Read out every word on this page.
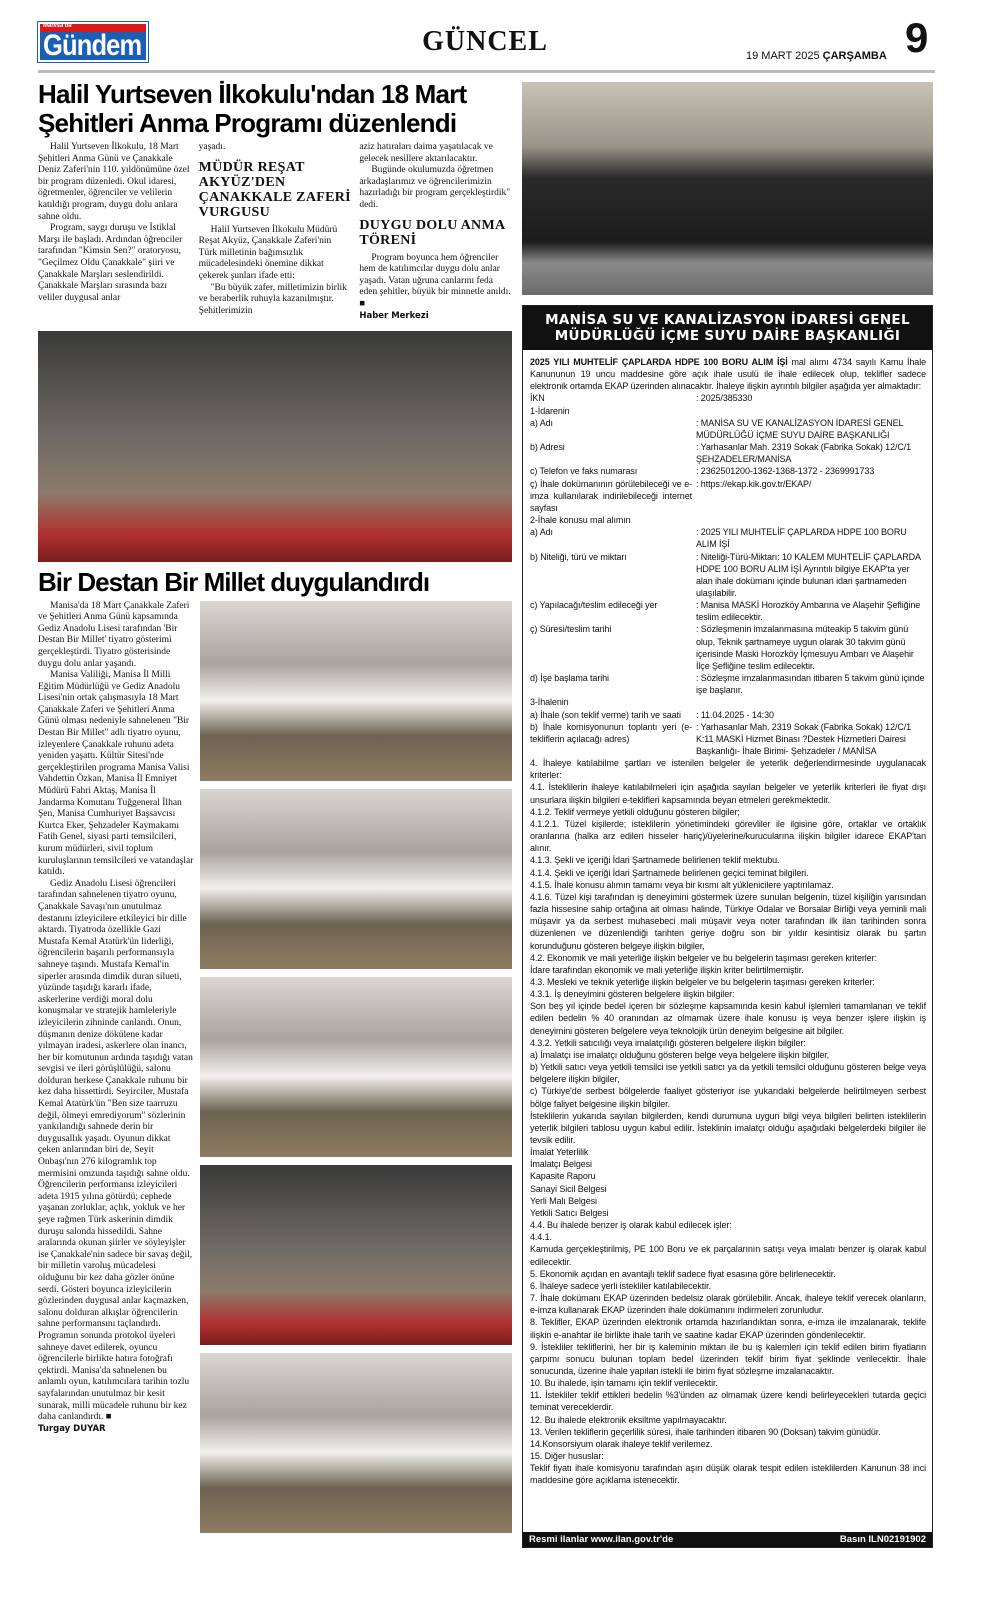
Manisa'da
Gündem	GÜNCEL	19 MART 2025 ÇARŞAMBA 9
Halil Yurtseven İlkokulu'ndan 18 Mart Şehitleri Anma Programı düzenlendi

Halil Yurtseven İlkokulu, 18 Mart Şehitleri Anma Günü ve Çanakkale Deniz Zaferi'nin 110. yıldönümüne özel bir program düzenledi. Okul idaresi, öğretmenler, öğrenciler ve velilerin katıldığı program, duygu dolu anlara sahne oldu.

Program, saygı duruşu ve İstiklal Marşı ile başladı. Ardından öğrenciler tarafından "Kimsin Sen?" oratoryosu, "Geçilmez Oldu Çanakkale" şiiri ve Çanakkale Marşları seslendirildi. Çanakkale Marşları sırasında bazı veliler duygusal anlar

yaşadı.

MÜDÜR REŞAT AKYÜZ'DEN ÇANAKKALE ZAFERİ VURGUSU

Halil Yurtseven İlkokulu Müdürü Reşat Akyüz, Çanakkale Zaferi'nin Türk milletinin bağımsızlık mücadelesindeki önemine dikkat çekerek şunları ifade etti:

"Bu büyük zafer, milletimizin birlik ve beraberlik ruhuyla kazanılmıştır. Şehitlerimizin

aziz hatıraları daima yaşatılacak ve gelecek nesillere aktarılacaktır.

Bugünde okulumuzda öğretmen arkadaşlarımız ve öğrencilerimizin hazırladığı bir program gerçekleştirdik" dedi.

DUYGU DOLU ANMA TÖRENİ

Program boyunca hem öğrenciler hem de katılımcılar duygu dolu anlar yaşadı. Vatan uğruna canlarını feda eden şehitler, büyük bir minnetle anıldı. ■

Haber Merkezi
Bir Destan Bir Millet duygulandırdı

Manisa'da 18 Mart Çanakkale Zaferi ve Şehitleri Anma Günü kapsamında Gediz Anadolu Lisesi tarafından 'Bir Destan Bir Millet' tiyatro gösterimi gerçekleştirdi. Tiyatro gösterisinde duygu dolu anlar yaşandı.

Manisa Valiliği, Manisa İl Milli Eğitim Müdürlüğü ve Gediz Anadolu Lisesi'nin ortak çalışmasıyla 18 Mart Çanakkale Zaferi ve Şehitleri Anma Günü olması nedeniyle sahnelenen "Bir Destan Bir Millet" adlı tiyatro oyunu, izleyenlere Çanakkale ruhunu adeta yeniden yaşattı. Kültür Sitesi'nde gerçekleştirilen programa Manisa Valisi Vahdettin Özkan, Manisa İl Emniyet Müdürü Fahri Aktaş, Manisa İl Jandarma Komutanı Tuğgeneral İlhan Şen, Manisa Cumhuriyet Başsavcısı Kurtca Eker, Şehzadeler Kaymakamı Fatih Genel, siyasi parti temsilcileri, kurum müdürleri, sivil toplum kuruluşlarının temsilcileri ve vatandaşlar katıldı.

Gediz Anadolu Lisesi öğrencileri tarafından sahnelenen tiyatro oyunu, Çanakkale Savaşı'nın unutulmaz destanını izleyicilere etkileyici bir dille aktardı. Tiyatroda özellikle Gazi Mustafa Kemal Atatürk'ün liderliği, öğrencilerin başarılı performansıyla sahneye taşındı. Mustafa Kemal'in siperler arasında dimdik duran silueti, yüzünde taşıdığı kararlı ifade, askerlerine verdiği moral dolu konuşmalar ve stratejik hamleleriyle izleyicilerin zihninde canlandı. Onun, düşmanın denize dökülene kadar yılmayan iradesi, askerlere olan inancı, her bir komutunun ardında taşıdığı vatan sevgisi ve ileri görüşlülüğü, salonu dolduran herkese Çanakkale ruhunu bir kez daha hissettirdi. Seyirciler, Mustafa Kemal Atatürk'ün "Ben size taarruzu değil, ölmeyi emrediyorum" sözlerinin yankılandığı sahnede derin bir duygusallık yaşadı. Oyunun dikkat çeken anlarından biri de, Seyit Onbaşı'nın 276 kilogramlık top mermisini omzunda taşıdığı sahne oldu. Öğrencilerin performansı izleyicileri adeta 1915 yılına götürdü; cephede yaşanan zorluklar, açlık, yokluk ve her şeye rağmen Türk askerinin dimdik duruşu salonda hissedildi. Sahne aralarında okunan şiirler ve söyleyişler ise Çanakkale'nin sadece bir savaş değil, bir milletin varoluş mücadelesi olduğunu bir kez daha gözler önüne serdi. Gösteri boyunca izleyicilerin gözlerinden duygusal anlar kaçmazken, salonu dolduran alkışlar öğrencilerin sahne performansını taçlandırdı. Programın sonunda protokol üyeleri sahneye davet edilerek, oyuncu öğrencilerle birlikte hatıra fotoğrafı çektirdi. Manisa'da sahnelenen bu anlamlı oyun, katılımcılara tarihin tozlu sayfalarından unutulmaz bir kesit sunarak, milli mücadele ruhunu bir kez daha canlandırdı. ■

Turgay DUYAR
MANİSA SU VE KANALİZASYON İDARESİ GENEL MÜDÜRLÜĞÜ İÇME SUYU DAİRE BAŞKANLIĞI
2025 YILI MUHTELİF ÇAPLARDA HDPE 100 BORU ALIM İŞİ mal alımı 4734 sayılı Kamu İhale Kanununun 19 uncu maddesine göre açık ihale usulü ile ihale edilecek olup, teklifler sadece elektronik ortamda EKAP üzerinden alınacaktır. İhaleye ilişkin ayrıntılı bilgiler aşağıda yer almaktadır:
İKN	: 2025/385330
1-İdarenin
a) Adı	: MANİSA SU VE KANALİZASYON İDARESİ GENEL MÜDÜRLÜĞÜ İÇME SUYU DAİRE BAŞKANLIĞI
b) Adresi	: Yarhasanlar Mah. 2319 Sokak (Fabrika Sokak) 12/C/1 ŞEHZADELER/MANİSA
c) Telefon ve faks numarası	: 2362501200-1362-1368-1372 - 2369991733
ç) İhale dokümanının görülebileceği ve e-imza kullanılarak indirilebileceği internet sayfası
: https://ekap.kik.gov.tr/EKAP/
2-İhale konusu mal alımın
a) Adı	: 2025 YILI MUHTELİF ÇAPLARDA HDPE 100 BORU ALIM İŞİ
b) Niteliği, türü ve miktarı	: Niteliği-Türü-Miktarı: 10 KALEM MUHTELİF ÇAPLARDA HDPE 100 BORU ALIM İŞİ Ayrıntılı bilgiye EKAP'ta yer alan ihale dokümanı içinde bulunan idari şartnameden ulaşılabilir.
c) Yapılacağı/teslim edileceği yer	: Manisa MASKİ Horozköy Ambarına ve Alaşehir Şefliğine teslim edilecektir.
ç) Süresi/teslim tarihi	: Sözleşmenin imzalanmasına müteakip 5 takvim günü olup, Teknik şartnameye uygun olarak 30 takvim günü içerisinde Maski Horozköy İçmesuyu Ambarı ve Alaşehir İlçe Şefliğine teslim edilecektir.
d) İşe başlama tarihi	: Sözleşme imzalanmasından itibaren 5 takvim günü içinde işe başlanır.
3-İhalenin
a) İhale (son teklif verme) tarih ve saati	: 11.04.2025 - 14:30
b) İhale komisyonunun toplantı yeri (e-tekliflerin açılacağı adres)
: Yarhasanlar Mah. 2319 Sokak (Fabrika Sokak) 12/C/1 K:11 MASKİ Hizmet Binası ?Destek Hizmetleri Dairesi Başkanlığı- İhale Birimi- Şehzadeler / MANİSA
4. İhaleye katılabilme şartları ve istenilen belgeler ile yeterlik değerlendirmesinde uygulanacak kriterler:
4.1. İsteklilerin ihaleye katılabilmeleri için aşağıda sayılan belgeler ve yeterlik kriterleri ile fiyat dışı unsurlara ilişkin bilgileri e-teklifleri kapsamında beyan etmeleri gerekmektedir.
4.1.2. Teklif vermeye yetkili olduğunu gösteren bilgiler;
4.1.2.1. Tüzel kişilerde; isteklilerin yönetimindeki görevliler ile ilgisine göre, ortaklar ve ortaklık oranlarına (halka arz edilen hisseler hariç)/üyelerine/kurucularına ilişkin bilgiler idarece EKAP'tan alınır.
4.1.3. Şekli ve içeriği İdari Şartnamede belirlenen teklif mektubu.
4.1.4. Şekli ve içeriği İdari Şartnamede belirlenen geçici teminat bilgileri.
4.1.5. İhale konusu alımın tamamı veya bir kısmı alt yüklenicilere yaptırılamaz.
4.1.6. Tüzel kişi tarafından iş deneyimini göstermek üzere sunulan belgenin, tüzel kişiliğin yarısından fazla hissesine sahip ortağına ait olması halinde, Türkiye Odalar ve Borsalar Birliği veya yeminli mali müşavir ya da serbest muhasebeci mali müşavir veya noter tarafından ilk ilan tarihinden sonra düzenlenen ve düzenlendiği tarihten geriye doğru son bir yıldır kesintisiz olarak bu şartın korunduğunu gösteren belgeye ilişkin bilgiler,
4.2. Ekonomik ve mali yeterliğe ilişkin belgeler ve bu belgelerin taşıması gereken kriterler:
İdare tarafından ekonomik ve mali yeterliğe ilişkin kriter belirtilmemiştir.
4.3. Mesleki ve teknik yeterliğe ilişkin belgeler ve bu belgelerin taşıması gereken kriterler:
4.3.1. İş deneyimini gösteren belgelere ilişkin bilgiler:
Son beş yıl içinde bedel içeren bir sözleşme kapsamında kesin kabul işlemleri tamamlanan ve teklif edilen bedelin % 40 oranından az olmamak üzere ihale konusu iş veya benzer işlere ilişkin iş deneyimini gösteren belgelere veya teknolojik ürün deneyim belgesine ait bilgiler.
4.3.2. Yetkili satıcılığı veya imalatçılığı gösteren belgelere ilişkin bilgiler:
a) İmalatçı ise imalatçı olduğunu gösteren belge veya belgelere ilişkin bilgiler,
b) Yetkili satıcı veya yetkili temsilci ise yetkili satıcı ya da yetkili temsilci olduğunu gösteren belge veya belgelere ilişkin bilgiler,
c) Türkiye'de serbest bölgelerde faaliyet gösteriyor ise yukarıdaki belgelerde belirtilmeyen serbest bölge faliyet belgesine ilişkin bilgiler.
İsteklilerin yukarıda sayılan bilgilerden, kendi durumuna uygun bilgi veya bilgileri belirten isteklilerin yeterlik bilgileri tablosu uygun kabul edilir. İsteklinin imalatçı olduğu aşağıdaki belgelerdeki bilgiler ile tevsik edilir.
İmalat Yeterlilik
İmalatçı Belgesi
Kapasite Raporu
Sanayi Sicil Belgesi
Yerli Malı Belgesi
Yetkili Satıcı Belgesi
4.4. Bu ihalede benzer iş olarak kabul edilecek işler:
4.4.1.
Kamuda gerçekleştirilmiş, PE 100 Boru ve ek parçalarının satışı veya imalatı benzer iş olarak kabul edilecektir.
5. Ekonomik açıdan en avantajlı teklif sadece fiyat esasına göre belirlenecektir.
6. İhaleye sadece yerli istekliler katılabilecektir.
7. İhale dokümanı EKAP üzerinden bedelsiz olarak görülebilir. Ancak, ihaleye teklif verecek olanların, e-imza kullanarak EKAP üzerinden ihale dokümanını indirmeleri zorunludur.
8. Teklifler, EKAP üzerinden elektronik ortamda hazırlandıktan sonra, e-imza ile imzalanarak, teklife ilişkin e-anahtar ile birlikte ihale tarih ve saatine kadar EKAP üzerinden gönderilecektir.
9. İstekliler tekliflerini, her bir iş kaleminin miktarı ile bu iş kalemleri için teklif edilen birim fiyatların çarpımı sonucu bulunan toplam bedel üzerinden teklif birim fiyat şeklinde verilecektir. İhale sonucunda, üzerine ihale yapılan istekli ile birim fiyat sözleşme imzalanacaktır.
10. Bu ihalede, işin tamamı için teklif verilecektir.
11. İstekliler teklif ettikleri bedelin %3'ünden az olmamak üzere kendi belirleyecekleri tutarda geçici teminat vereceklerdir.
12. Bu ihalede elektronik eksiltme yapılmayacaktır.
13. Verilen tekliflerin geçerlilik süresi, ihale tarihinden itibaren 90 (Doksan) takvim günüdür.
14.Konsorsiyum olarak ihaleye teklif verilemez.
15. Diğer hususlar:
Teklif fiyatı ihale komisyonu tarafından aşırı düşük olarak tespit edilen isteklilerden Kanunun 38 inci maddesine göre açıklama istenecektir.
Resmi ilanlar www.ilan.gov.tr'de	Basın ILN02191902
